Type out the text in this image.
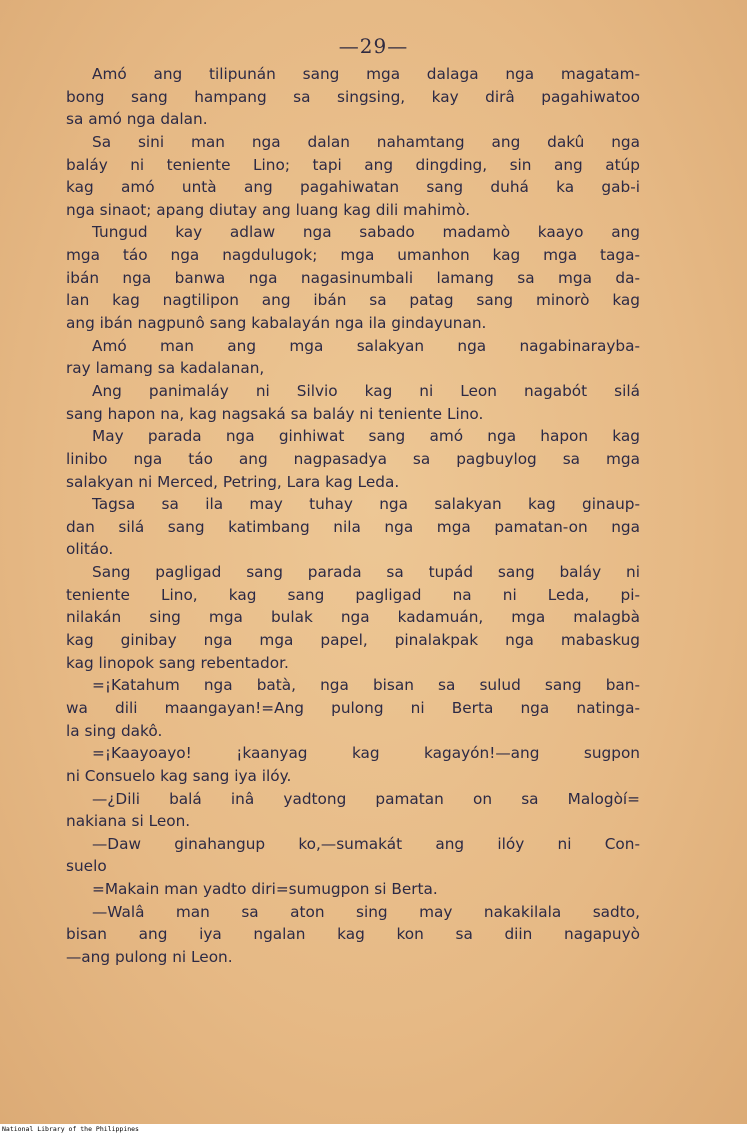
—29—
Amó ang tilipunán sang mga dalaga nga magatam-
bong sang hampang sa singsing, kay dirâ pagahiwatoo
sa amó nga dalan.
Sa sini man nga dalan nahamtang ang dakû nga
baláy ni teniente Lino; tapi ang dingding, sin ang atúp
kag amó untà ang pagahiwatan sang duhá ka gab-i
nga sinaot; apang diutay ang luang kag dili mahimò.
Tungud kay adlaw nga sabado madamò kaayo ang
mga táo nga nagdulugok; mga umanhon kag mga taga-
ibán nga banwa nga nagasinumbali lamang sa mga da-
lan kag nagtilipon ang ibán sa patag sang minorò kag
ang ibán nagpunô sang kabalayán nga ila gindayunan.
Amó man ang mga salakyan nga nagabinaraybа-
ray lamang sa kadalanan,
Ang panimaláy ni Silvio kag ni Leon nagabót silá
sang hapon na, kag nagsaká sa baláy ni teniente Lino.
May parada nga ginhiwat sang amó nga hapon kag
linibo nga táo ang nagpasadya sa pagbuylog sa mga
salakyan ni Merced, Petring, Lara kag Leda.
Tagsa sa ila may tuhay nga salakyan kag ginaup-
dan silá sang katimbang nila nga mga pamatan-on nga
olitáo.
Sang pagligad sang parada sa tupád sang baláy ni
teniente Lino, kag sang pagligad na ni Leda, pi-
nilakán sing mga bulak nga kadamuán, mga malagbà
kag ginibay nga mga papel, pinalakpak nga mabaskug
kag linopok sang rebentador.
=¡Katahum nga batà, nga bisan sa sulud sang ban-
wa dili maangayan!=Ang pulong ni Berta nga natinga-
la sing dakô.
=¡Kaayoayo! ¡kaanyag kag kagayón!—ang sugpon
ni Consuelo kag sang iya ilóy.
—¿Dili balá inâ yadtong pamatan on sa Malogòí=
nakiana si Leon.
—Daw ginahangup ko,—sumakát ang ilóy ni Con-
suelo
=Makain man yadto diri=sumugpon si Berta.
—Walâ man sa aton sing may nakakilala sadto,
bisan ang iya ngalan kag kon sa diin nagapuyò
—ang pulong ni Leon.
National Library of the Philippines
